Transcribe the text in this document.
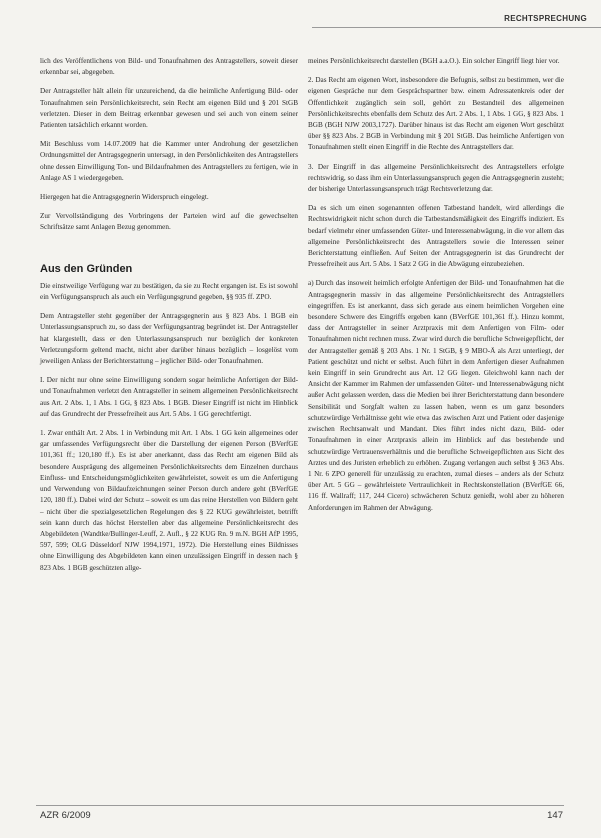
RECHTSPRECHUNG

lich des Veröffentlichens von Bild- und Tonaufnahmen des Antragstellers, soweit dieser erkennbar sei, abgegeben.

Der Antragsteller hält allein für unzureichend, da die heimliche Anfertigung Bild- oder Tonaufnahmen sein Persönlichkeitsrecht, sein Recht am eigenen Bild und § 201 StGB verletzten. Dieser in dem Beitrag erkennbar gewesen und sei auch von einem seiner Patienten tatsächlich erkannt worden.

Mit Beschluss vom 14.07.2009 hat die Kammer unter Androhung der gesetzlichen Ordnungsmittel der Antragsgegnerin untersagt, in den Persönlichkeiten des Antragstellers ohne dessen Einwilligung Ton- und Bildaufnahmen des Antragstellers zu fertigen, wie in Anlage AS 1 wiedergegeben.

Hiergegen hat die Antragsgegnerin Widerspruch eingelegt.

Zur Vervollständigung des Vorbringens der Parteien wird auf die gewechselten Schriftsätze samt Anlagen Bezug genommen.

Aus den Gründen

Die einstweilige Verfügung war zu bestätigen, da sie zu Recht ergangen ist. Es ist sowohl ein Verfügungsanspruch als auch ein Verfügungsgrund gegeben, §§ 935 ff. ZPO.

Dem Antragsteller steht gegenüber der Antragsgegnerin aus § 823 Abs. 1 BGB ein Unterlassungsanspruch zu, so dass der Verfügungsantrag begründet ist. Der Antragsteller hat klargestellt, dass er den Unterlassungsanspruch nur bezüglich der konkreten Verletzungsform geltend macht, nicht aber darüber hinaus bezüglich – losgelöst vom jeweiligen Anlass der Berichterstattung – jeglicher Bild- oder Tonaufnahmen.

I. Der nicht nur ohne seine Einwilligung sondern sogar heimliche Anfertigen der Bild- und Tonaufnahmen verletzt den Antragsteller in seinem allgemeinen Persönlichkeitsrecht aus Art. 2 Abs. 1, 1 Abs. 1 GG, § 823 Abs. 1 BGB. Dieser Eingriff ist nicht im Hinblick auf das Grundrecht der Pressefreiheit aus Art. 5 Abs. 1 GG gerechtfertigt.

1. Zwar enthält Art. 2 Abs. 1 in Verbindung mit Art. 1 Abs. 1 GG kein allgemeines oder gar umfassendes Verfügungsrecht über die Darstellung der eigenen Person (BVerfGE 101,361 ff.; 120,180 ff.). Es ist aber anerkannt, dass das Recht am eigenen Bild als besondere Ausprägung des allgemeinen Persönlichkeitsrechts dem Einzelnen durchaus Einfluss- und Entscheidungsmöglichkeiten gewährleistet, soweit es um die Anfertigung und Verwendung von Bildaufzeichnungen seiner Person durch andere geht (BVerfGE 120, 180 ff.). Dabei wird der Schutz – soweit es um das reine Herstellen von Bildern geht – nicht über die spezialgesetzlichen Regelungen des § 22 KUG gewährleistet, betrifft sein kann durch das höchst Herstellen aber das allgemeine Persönlichkeitsrecht des Abgebildeten (Wandtke/Bullinger-Leuff, 2. Aufl., § 22 KUG Rn. 9 m.N. BGH AfP 1995, 597, 599; OLG Düsseldorf NJW 1994,1971, 1972). Die Herstellung eines Bildnisses ohne Einwilligung des Abgebildeten kann einen unzulässigen Eingriff in dessen nach § 823 Abs. 1 BGB geschützten allge-

meines Persönlichkeitsrecht darstellen (BGH a.a.O.). Ein solcher Eingriff liegt hier vor.

2. Das Recht am eigenen Wort, insbesondere die Befugnis, selbst zu bestimmen, wer die eigenen Gespräche nur dem Gesprächspartner bzw. einem Adressatenkreis oder der Öffentlichkeit zugänglich sein soll, gehört zu Bestandteil des allgemeinen Persönlichkeitsrechts ebenfalls dem Schutz des Art. 2 Abs. 1, 1 Abs. 1 GG, § 823 Abs. 1 BGB (BGH NJW 2003,1727). Darüber hinaus ist das Recht am eigenen Wort geschützt über §§ 823 Abs. 2 BGB in Verbindung mit § 201 StGB. Das heimliche Anfertigen von Tonaufnahmen stellt einen Eingriff in die Rechte des Antragstellers dar.

3. Der Eingriff in das allgemeine Persönlichkeitsrecht des Antragstellers erfolgte rechtswidrig, so dass ihm ein Unterlassungsanspruch gegen die Antragsgegnerin zusteht; der bisherige Unterlassungsanspruch trägt Rechtsverletzung dar.

Da es sich um einen sogenannten offenen Tatbestand handelt, wird allerdings die Rechtswidrigkeit nicht schon durch die Tatbestandsmäßigkeit des Eingriffs indiziert. Es bedarf vielmehr einer umfassenden Güter- und Interessenabwägung, in die vor allem das allgemeine Persönlichkeitsrecht des Antragstellers sowie die Interessen seiner Berichterstattung einfließen. Auf Seiten der Antragsgegnerin ist das Grundrecht der Pressefreiheit aus Art. 5 Abs. 1 Satz 2 GG in die Abwägung einzubeziehen.

a) Durch das insoweit heimlich erfolgte Anfertigen der Bild- und Tonaufnahmen hat die Antragsgegnerin massiv in das allgemeine Persönlichkeitsrecht des Antragstellers eingegriffen. Es ist anerkannt, dass sich gerade aus einem heimlichen Vorgehen eine besondere Schwere des Eingriffs ergeben kann (BVerfGE 101,361 ff.). Hinzu kommt, dass der Antragsteller in seiner Arztpraxis mit dem Anfertigen von Film- oder Tonaufnahmen nicht rechnen muss. Zwar wird durch die berufliche Schweigepflicht, der der Antragsteller gemäß § 203 Abs. 1 Nr. 1 StGB, § 9 MBO-Ä als Arzt unterliegt, der Patient geschützt und nicht er selbst. Auch führt in dem Anfertigen dieser Aufnahmen kein Eingriff in sein Grundrecht aus Art. 12 GG liegen. Gleichwohl kann nach der Ansicht der Kammer im Rahmen der umfassenden Güter- und Interessenabwägung nicht außer Acht gelassen werden, dass die Medien bei ihrer Berichterstattung dann besondere Sensibilität und Sorgfalt walten zu lassen haben, wenn es um ganz besonders schutzwürdige Verhältnisse geht wie etwa das zwischen Arzt und Patient oder dasjenige zwischen Rechtsanwalt und Mandant. Dies führt indes nicht dazu, Bild- oder Tonaufnahmen in einer Arztpraxis allein im Hinblick auf das bestehende und schutzwürdige Vertrauensverhältnis und die berufliche Schweigepflichten aus Sicht des Arztes und des Juristen erheblich zu erhöhen. Zugang verlangen auch selbst § 363 Abs. 1 Nr. 6 ZPO generell für unzulässig zu erachten, zumal dieses – anders als der Schutz über Art. 5 GG – gewährleistete Vertraulichkeit in Rechtskonstellation (BVerfGE 66, 116 ff. Wallraff; 117, 244 Cicero) schwächeren Schutz genießt, wohl aber zu höheren Anforderungen im Rahmen der Abwägung.

AZR 6/2009	147
